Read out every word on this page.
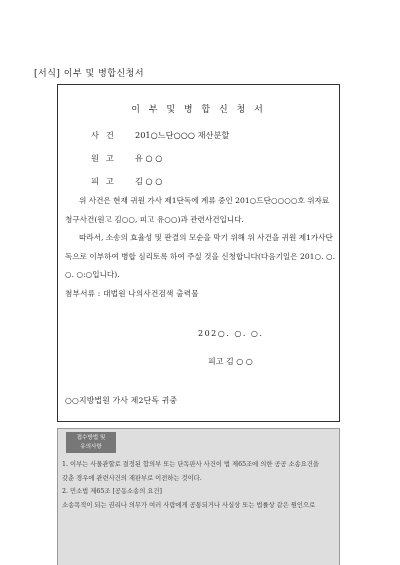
[서식] 이부 및 병합신청서
이 부 및 병 합 신 청 서
사건	201○느단○○○ 재산분할
원고	유 ○ ○
피고	김 ○ ○
위 사건은 현재 귀원 가사 제1단독에 계류 중인 201○드단○○○○호 위자료청구사건(원고 김○○, 피고 유○○)과 관련사건입니다.
따라서, 소송의 효율성 및 판결의 모순을 막기 위해 위 사건을 귀원 제1가사단독으로 이부하여 병합 심리토록 하여 주실 것을 신청합니다(다음기일은 201○. ○. ○. ○:○입니다).
첨부서류 : 대법원 나의사건검색 출력물
202○. ○. ○.
피고 김 ○ ○
○○지방법원 가사 제2단독 귀중
접수방법 및
유의사항
1. 이부는 사물관할로 결정된 합의부 또는 단독판사 사건이 법 제65조에 의한 공공 소송요건을
갖춘 경우에 관련사건의 재판부로 이전하는 것이다.
2. 민소법 제65조 [공동소송의 요건]
소송목적이 되는 권리나 의무가 여러 사람에게 공통되거나 사실상 또는 법률상 같은 원인으로
